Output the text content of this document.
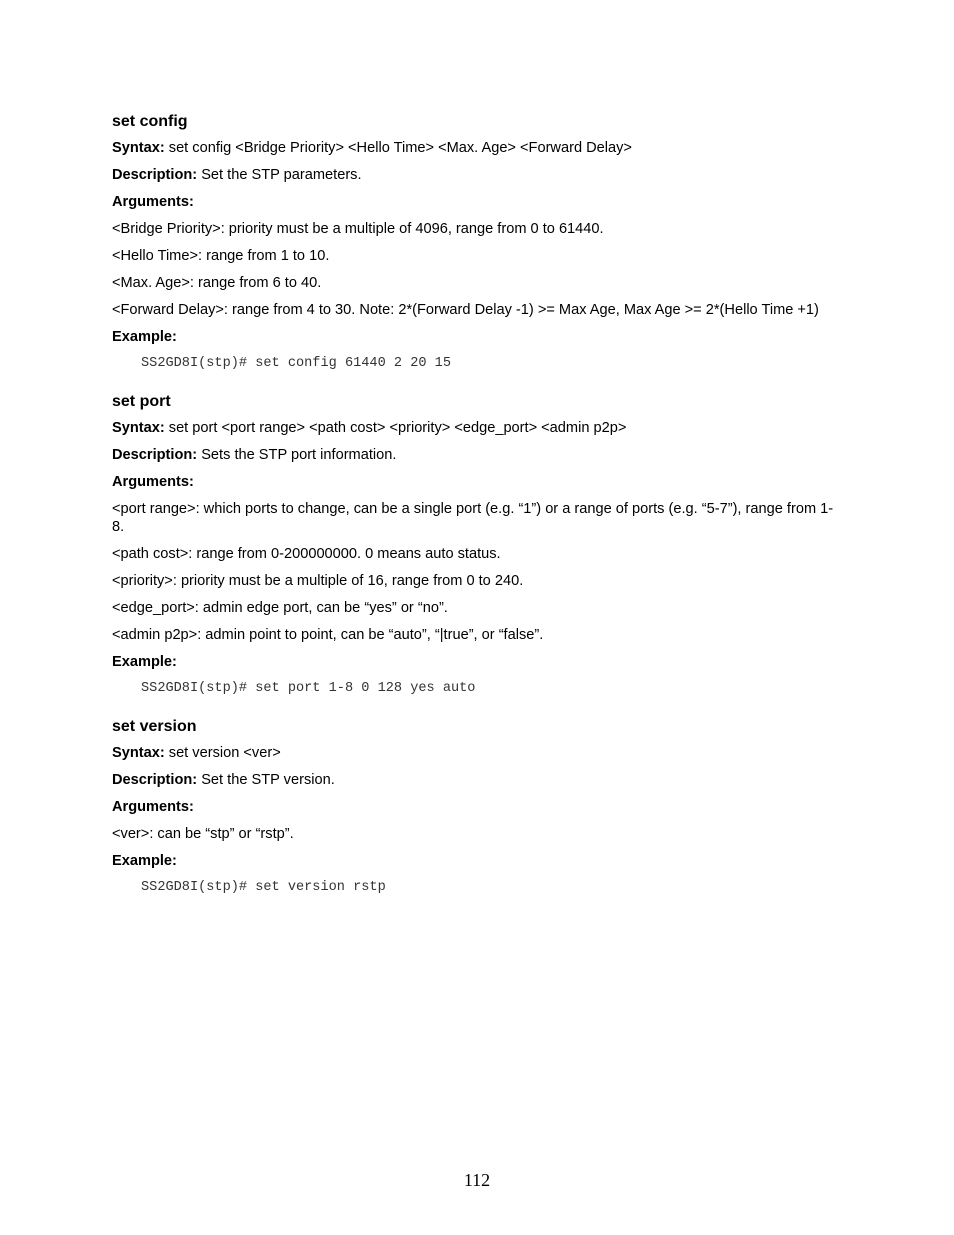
set config
Syntax: set config <Bridge Priority> <Hello Time> <Max. Age> <Forward Delay>
Description: Set the STP parameters.
Arguments:
<Bridge Priority>: priority must be a multiple of 4096, range from 0 to 61440.
<Hello Time>: range from 1 to 10.
<Max. Age>: range from 6 to 40.
<Forward Delay>: range from 4 to 30. Note: 2*(Forward Delay -1) >= Max Age, Max Age >= 2*(Hello Time +1)
Example:
SS2GD8I(stp)# set config 61440 2 20 15
set port
Syntax: set port <port range> <path cost> <priority> <edge_port> <admin p2p>
Description: Sets the STP port information.
Arguments:
<port range>: which ports to change, can be a single port (e.g. “1”) or a range of ports (e.g. “5-7”), range from 1-8.
<path cost>: range from 0-200000000. 0 means auto status.
<priority>: priority must be a multiple of 16, range from 0 to 240.
<edge_port>: admin edge port, can be “yes” or “no”.
<admin p2p>: admin point to point, can be “auto”, “|true”, or “false”.
Example:
SS2GD8I(stp)# set port 1-8 0 128 yes auto
set version
Syntax: set version <ver>
Description: Set the STP version.
Arguments:
<ver>: can be “stp” or “rstp”.
Example:
SS2GD8I(stp)# set version rstp
112
